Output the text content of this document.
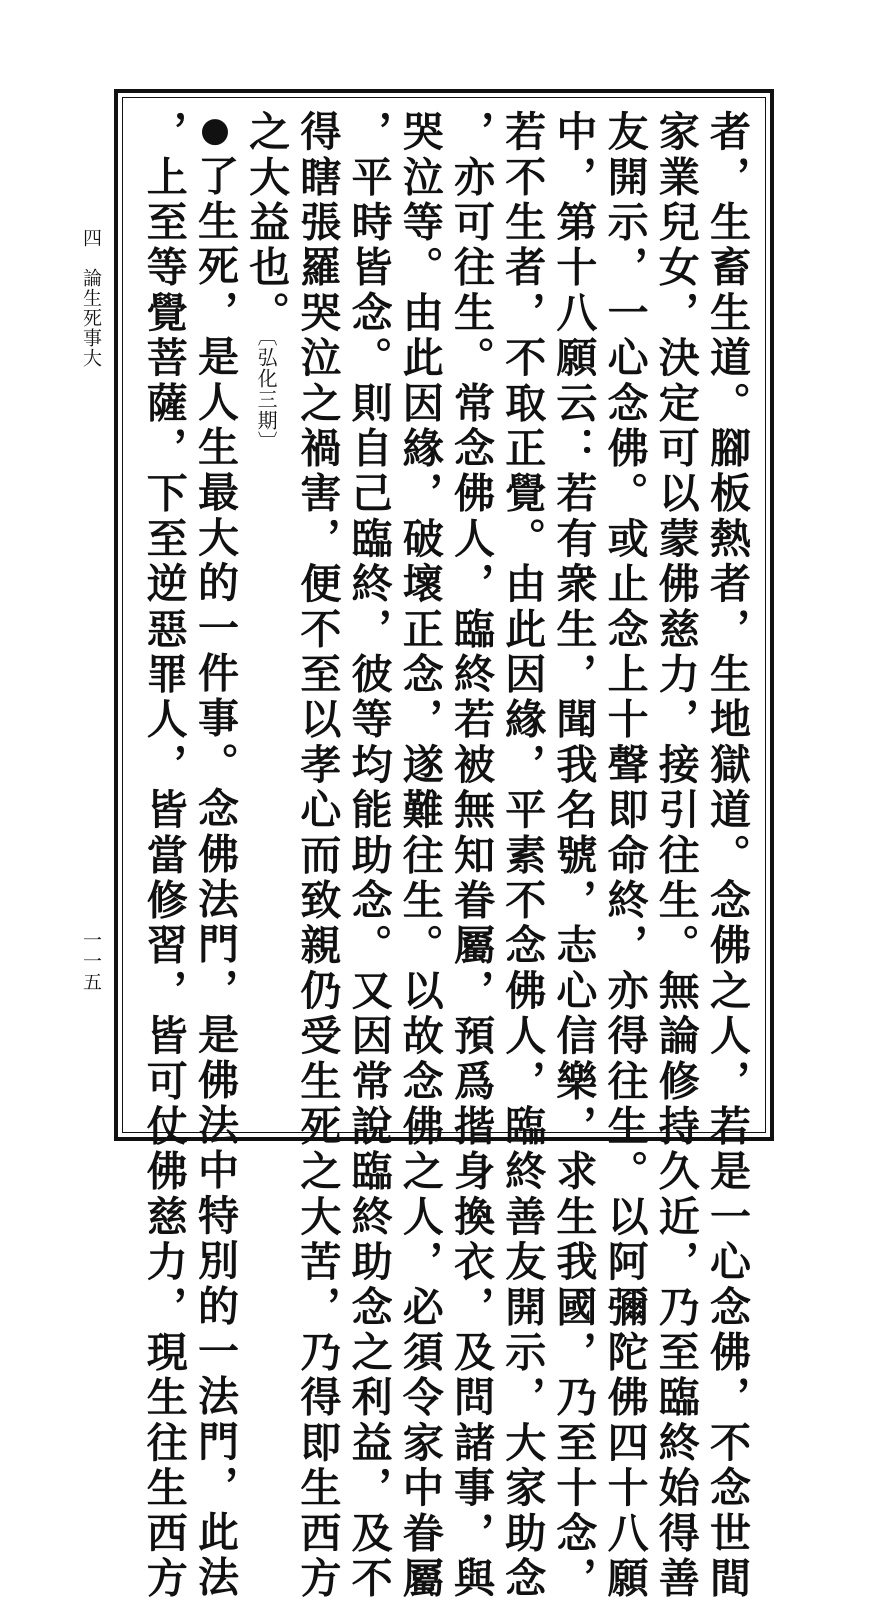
四
論生死事大
一一五	者，生畜生道。腳板熱者，生地獄道。念佛之人，若是一心念佛，不念世間
家業兒女，決定可以蒙佛慈力，接引往生。無論修持久近，乃至臨終始得善
友開示，一心念佛。或止念上十聲即命終，亦得往生。以阿彌陀佛四十八願
中，第十八願云：若有衆生，聞我名號，志心信樂，求生我國，乃至十念，
若不生者，不取正覺。由此因緣，平素不念佛人，臨終善友開示，大家助念
，亦可往生。常念佛人，臨終若被無知眷屬，預爲揩身換衣，及問諸事，與
哭泣等。由此因緣，破壞正念，遂難往生。以故念佛之人，必須令家中眷屬
，平時皆念。則自己臨終，彼等均能助念。又因常說臨終助念之利益，及不
得瞎張羅哭泣之禍害，便不至以孝心而致親仍受生死之大苦，乃得即生西方
之大益也。$^{〔弘化三期〕}$
●了生死，是人生最大的一件事。念佛法門，是佛法中特別的一法門，此法
，上至等覺菩薩，下至逆惡罪人，皆當修習，皆可仗佛慈力，現生往生西方
